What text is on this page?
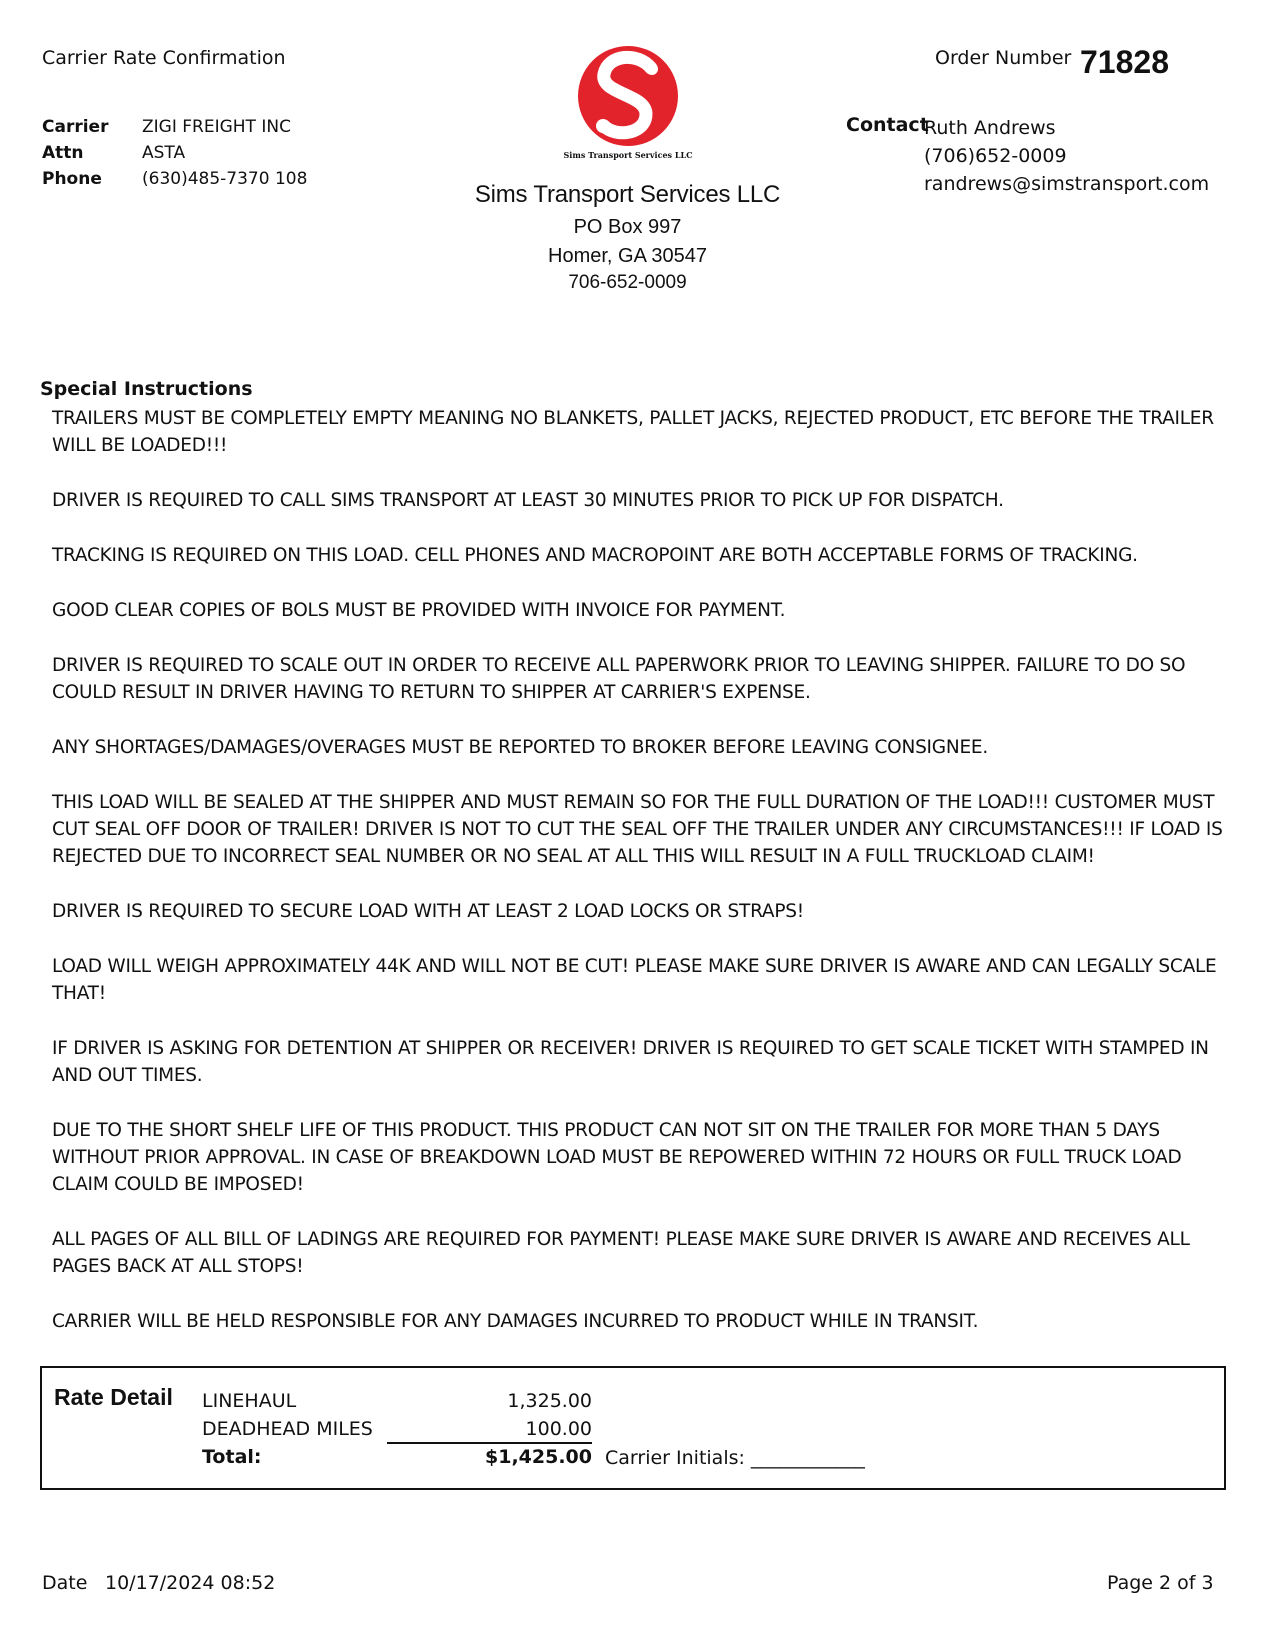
Carrier Rate Confirmation	Order Number 71828
Carrier	ZIGI FREIGHT INC
Attn	ASTA
Phone	(630)485-7370 108
Sims Transport Services LLC
Sims Transport Services LLC
PO Box 997
Homer, GA 30547
706-652-0009
Contact
Ruth Andrews
(706)652-0009
randrews@simstransport.com
Special Instructions

TRAILERS MUST BE COMPLETELY EMPTY MEANING NO BLANKETS, PALLET JACKS, REJECTED PRODUCT, ETC BEFORE THE TRAILER WILL BE LOADED!!!

DRIVER IS REQUIRED TO CALL SIMS TRANSPORT AT LEAST 30 MINUTES PRIOR TO PICK UP FOR DISPATCH.

TRACKING IS REQUIRED ON THIS LOAD. CELL PHONES AND MACROPOINT ARE BOTH ACCEPTABLE FORMS OF TRACKING.

GOOD CLEAR COPIES OF BOLS MUST BE PROVIDED WITH INVOICE FOR PAYMENT.

DRIVER IS REQUIRED TO SCALE OUT IN ORDER TO RECEIVE ALL PAPERWORK PRIOR TO LEAVING SHIPPER. FAILURE TO DO SO COULD RESULT IN DRIVER HAVING TO RETURN TO SHIPPER AT CARRIER'S EXPENSE.

ANY SHORTAGES/DAMAGES/OVERAGES MUST BE REPORTED TO BROKER BEFORE LEAVING CONSIGNEE.

THIS LOAD WILL BE SEALED AT THE SHIPPER AND MUST REMAIN SO FOR THE FULL DURATION OF THE LOAD!!! CUSTOMER MUST CUT SEAL OFF DOOR OF TRAILER! DRIVER IS NOT TO CUT THE SEAL OFF THE TRAILER UNDER ANY CIRCUMSTANCES!!! IF LOAD IS REJECTED DUE TO INCORRECT SEAL NUMBER OR NO SEAL AT ALL THIS WILL RESULT IN A FULL TRUCKLOAD CLAIM!

DRIVER IS REQUIRED TO SECURE LOAD WITH AT LEAST 2 LOAD LOCKS OR STRAPS!

LOAD WILL WEIGH APPROXIMATELY 44K AND WILL NOT BE CUT! PLEASE MAKE SURE DRIVER IS AWARE AND CAN LEGALLY SCALE THAT!

IF DRIVER IS ASKING FOR DETENTION AT SHIPPER OR RECEIVER! DRIVER IS REQUIRED TO GET SCALE TICKET WITH STAMPED IN AND OUT TIMES.

DUE TO THE SHORT SHELF LIFE OF THIS PRODUCT. THIS PRODUCT CAN NOT SIT ON THE TRAILER FOR MORE THAN 5 DAYS WITHOUT PRIOR APPROVAL. IN CASE OF BREAKDOWN LOAD MUST BE REPOWERED WITHIN 72 HOURS OR FULL TRUCK LOAD CLAIM COULD BE IMPOSED!

ALL PAGES OF ALL BILL OF LADINGS ARE REQUIRED FOR PAYMENT! PLEASE MAKE SURE DRIVER IS AWARE AND RECEIVES ALL PAGES BACK AT ALL STOPS!

CARRIER WILL BE HELD RESPONSIBLE FOR ANY DAMAGES INCURRED TO PRODUCT WHILE IN TRANSIT.

Rate Detail LINEHAUL	1,325.00
DEADHEAD MILES	100.00
Total:	$1,425.00 Carrier Initials: ____________
Date 10/17/2024 08:52	Page 2 of 3
